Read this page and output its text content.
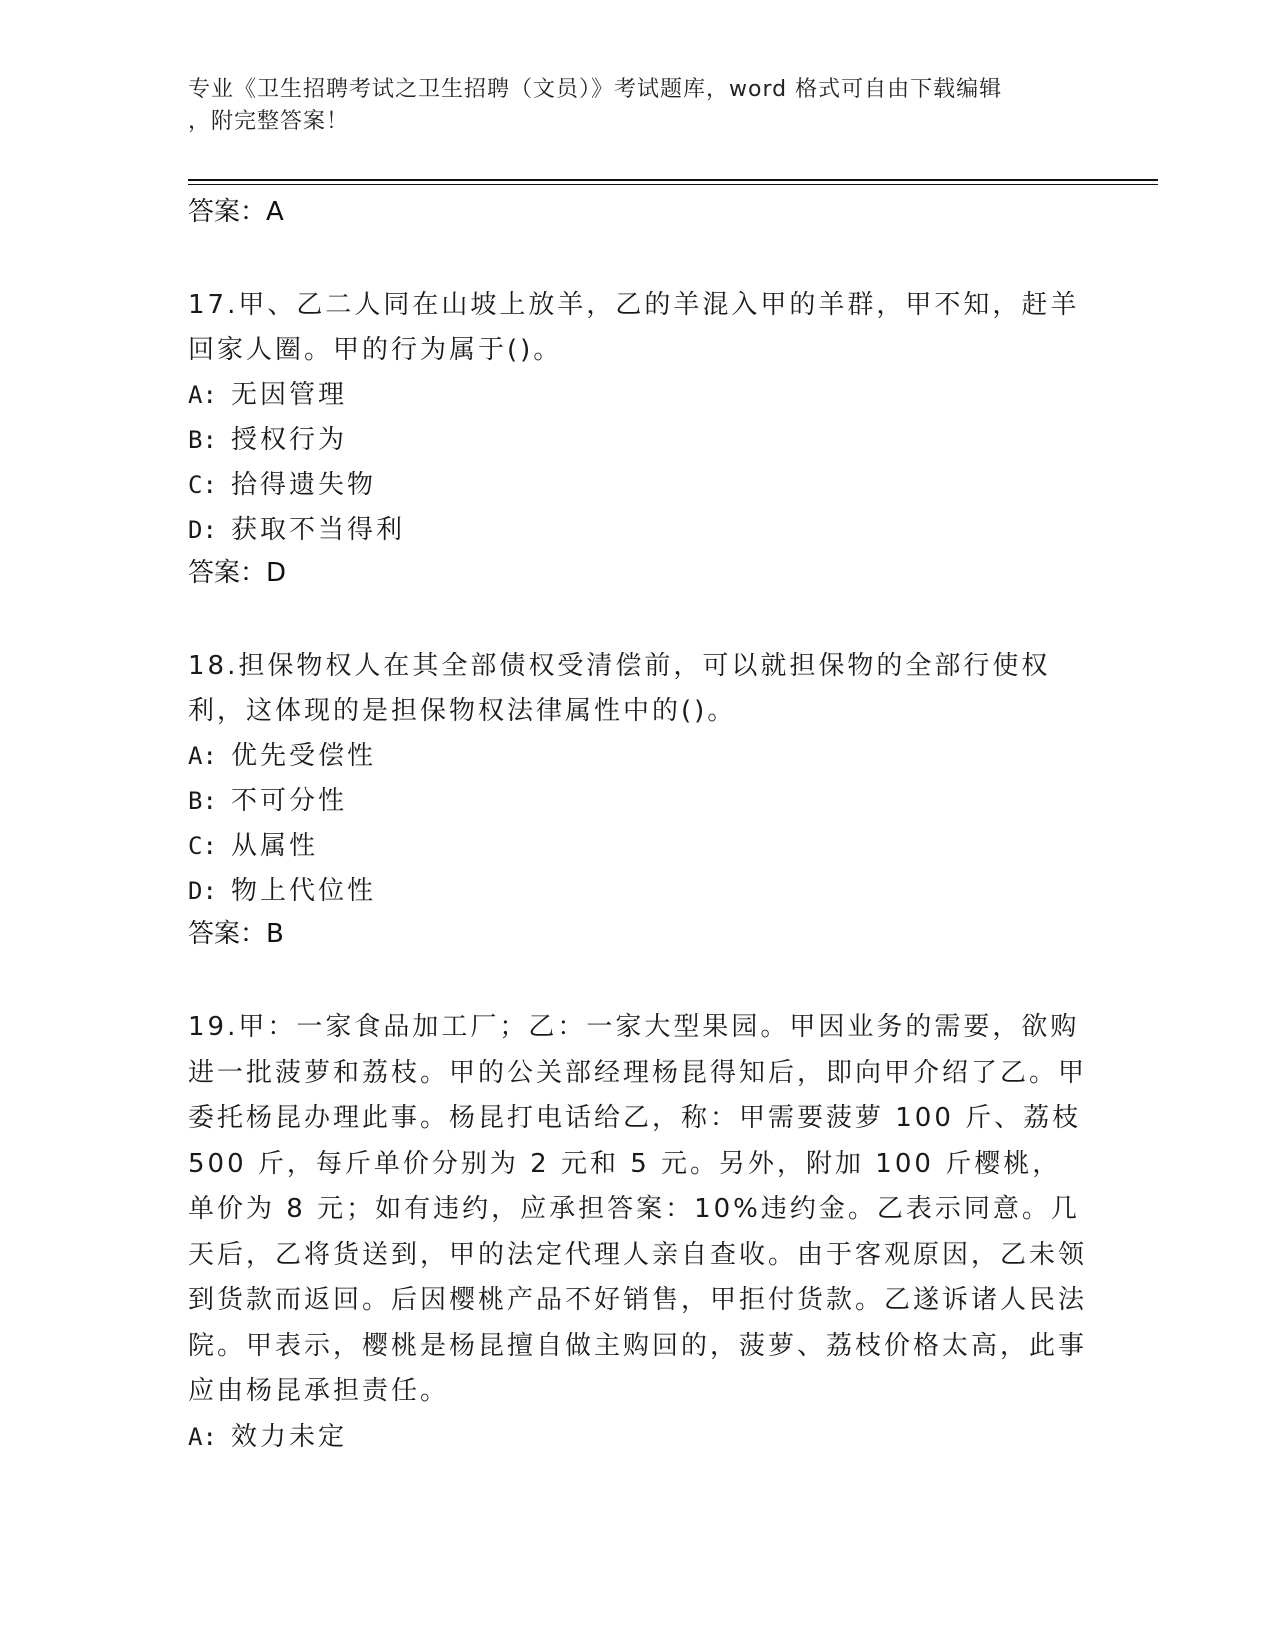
专业《卫生招聘考试之卫生招聘（文员）》考试题库，word 格式可自由下载编辑
，附完整答案！

答案：A

17.甲、乙二人同在山坡上放羊，乙的羊混入甲的羊群，甲不知，赶羊回家人圈。甲的行为属于()。

A: 无因管理
B: 授权行为
C: 拾得遗失物
D: 获取不当得利

答案：D

18.担保物权人在其全部债权受清偿前，可以就担保物的全部行使权利，这体现的是担保物权法律属性中的()。

A: 优先受偿性
B: 不可分性
C: 从属性
D: 物上代位性

答案：B

19.甲：一家食品加工厂；乙：一家大型果园。甲因业务的需要，欲购进一批菠萝和荔枝。甲的公关部经理杨昆得知后，即向甲介绍了乙。甲委托杨昆办理此事。杨昆打电话给乙，称：甲需要菠萝 100 斤、荔枝 500 斤，每斤单价分别为 2 元和 5 元。另外，附加 100 斤樱桃，单价为 8 元；如有违约，应承担答案：10%违约金。乙表示同意。几天后，乙将货送到，甲的法定代理人亲自查收。由于客观原因，乙未领到货款而返回。后因樱桃产品不好销售，甲拒付货款。乙遂诉诸人民法院。甲表示，樱桃是杨昆擅自做主购回的，菠萝、荔枝价格太高，此事应由杨昆承担责任。

A: 效力未定
